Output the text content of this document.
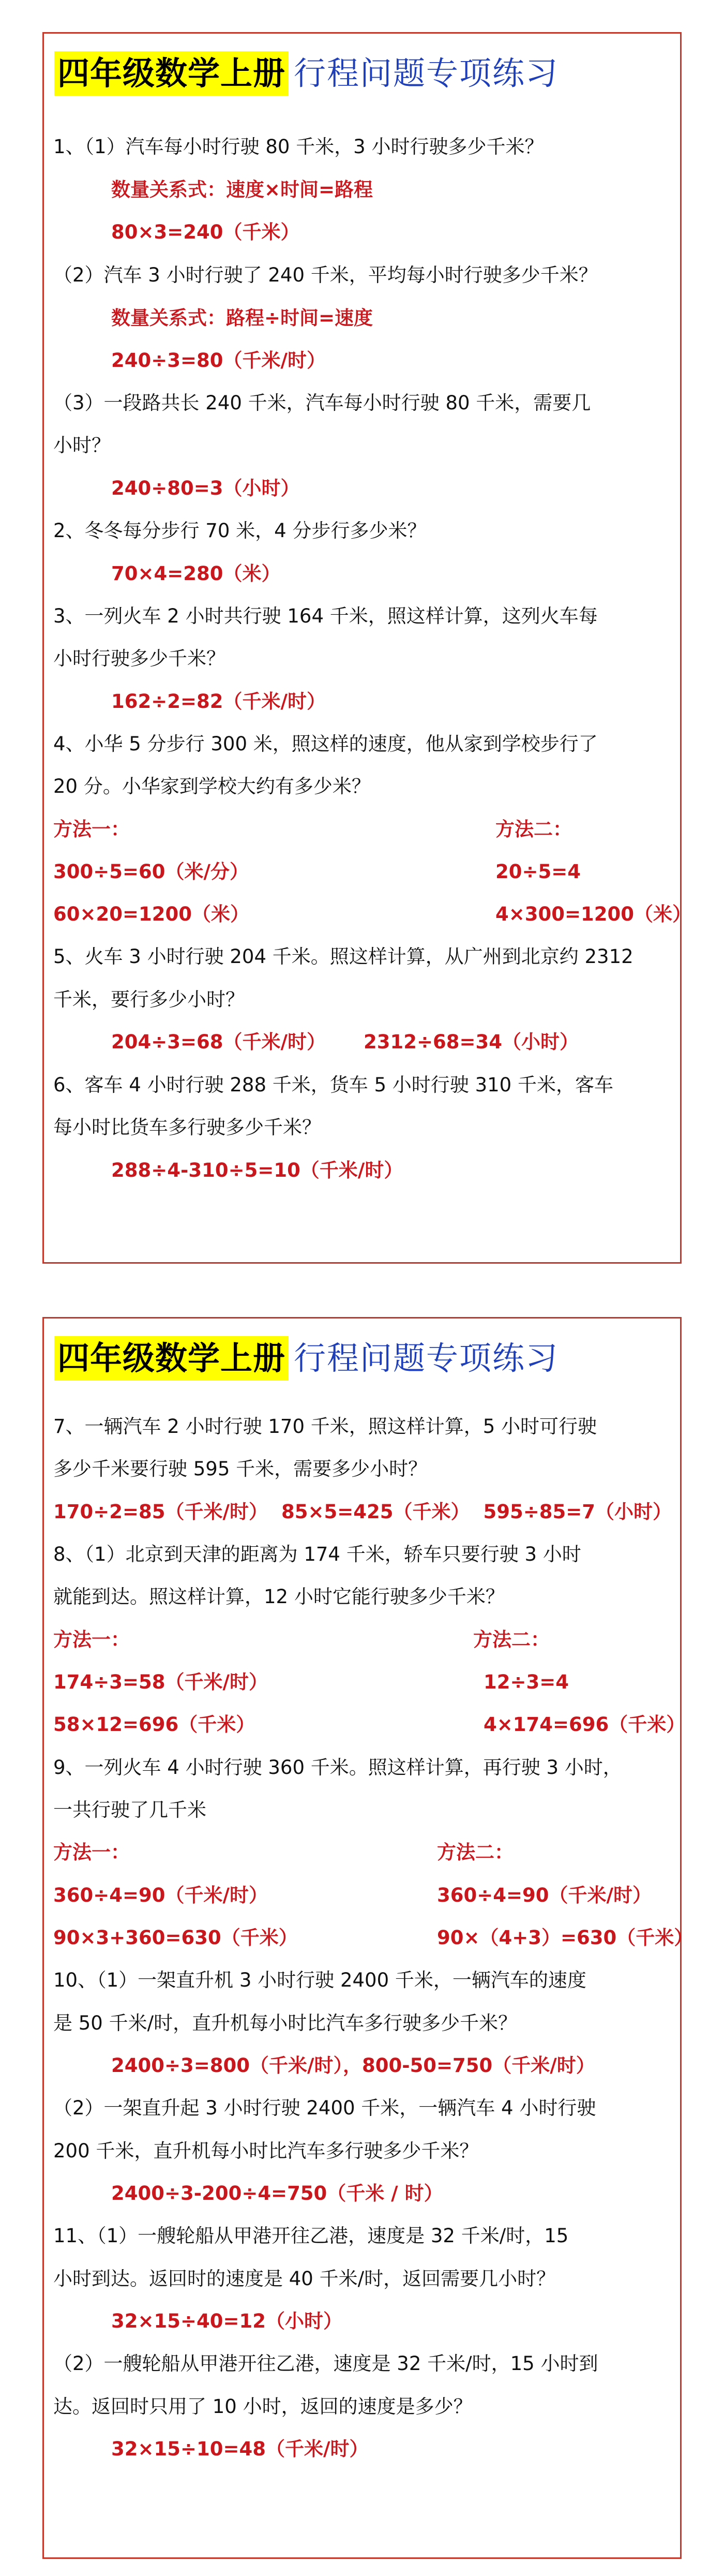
四年级数学上册 行程问题专项练习
1、（1）汽车每小时行驶 80 千米，3 小时行驶多少千米？
数量关系式：速度×时间=路程
80×3=240（千米）
（2）汽车 3 小时行驶了 240 千米，平均每小时行驶多少千米？
数量关系式：路程÷时间=速度
240÷3=80（千米/时）
（3）一段路共长 240 千米，汽车每小时行驶 80 千米，需要几
小时？
240÷80=3（小时）
2、冬冬每分步行 70 米，4 分步行多少米？
70×4=280（米）
3、一列火车 2 小时共行驶 164 千米，照这样计算，这列火车每
小时行驶多少千米？
162÷2=82（千米/时）
4、小华 5 分步行 300 米，照这样的速度，他从家到学校步行了
20 分。小华家到学校大约有多少米？
方法一：	方法二：
300÷5=60（米/分）	20÷5=4
60×20=1200（米）	4×300=1200（米）
5、火车 3 小时行驶 204 千米。照这样计算，从广州到北京约 2312
千米，要行多少小时？
204÷3=68（千米/时） 2312÷68=34（小时）
6、客车 4 小时行驶 288 千米，货车 5 小时行驶 310 千米，客车
每小时比货车多行驶多少千米？
288÷4-310÷5=10（千米/时）
四年级数学上册 行程问题专项练习
7、一辆汽车 2 小时行驶 170 千米，照这样计算，5 小时可行驶
多少千米要行驶 595 千米，需要多少小时？
170÷2=85（千米/时） 85×5=425（千米） 595÷85=7（小时）
8、（1）北京到天津的距离为 174 千米，轿车只要行驶 3 小时
就能到达。照这样计算，12 小时它能行驶多少千米？
方法一：	方法二：
174÷3=58（千米/时）	12÷3=4
58×12=696（千米）	4×174=696（千米）
9、一列火车 4 小时行驶 360 千米。照这样计算，再行驶 3 小时，
一共行驶了几千米
方法一：	方法二：
360÷4=90（千米/时）	360÷4=90（千米/时）
90×3+360=630（千米）	90×（4+3）=630（千米）
10、（1）一架直升机 3 小时行驶 2400 千米，一辆汽车的速度
是 50 千米/时，直升机每小时比汽车多行驶多少千米？
2400÷3=800（千米/时），800-50=750（千米/时）
（2）一架直升起 3 小时行驶 2400 千米，一辆汽车 4 小时行驶
200 千米，直升机每小时比汽车多行驶多少千米？
2400÷3-200÷4=750（千米 / 时）
11、（1）一艘轮船从甲港开往乙港，速度是 32 千米/时，15
小时到达。返回时的速度是 40 千米/时，返回需要几小时？
32×15÷40=12（小时）
（2）一艘轮船从甲港开往乙港，速度是 32 千米/时，15 小时到
达。返回时只用了 10 小时，返回的速度是多少？
32×15÷10=48（千米/时）
